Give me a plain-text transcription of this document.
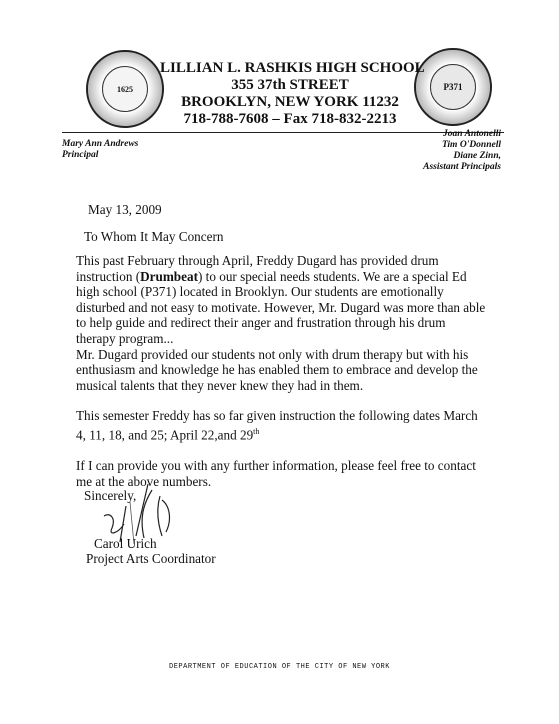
1625	P371
LILLIAN L. RASHKIS HIGH SCHOOL
355 37th STREET
BROOKLYN, NEW YORK 11232
718-788-7608 – Fax 718-832-2213
Mary Ann Andrews
Principal
Joan Antonelli
Tim O'Donnell
Diane Zinn,
Assistant Principals
May 13, 2009
To Whom It May Concern

This past February through April, Freddy Dugard has provided drum instruction (Drumbeat) to our special needs students. We are a special Ed high school (P371) located in Brooklyn. Our students are emotionally disturbed and not easy to motivate. However, Mr. Dugard was more than able to help guide and redirect their anger and frustration through his drum therapy program...

Mr. Dugard provided our students not only with drum therapy but with his enthusiasm and knowledge he has enabled them to embrace and develop the musical talents that they never knew they had in them.

This semester Freddy has so far given instruction the following dates March 4, 11, 18, and 25; April 22,and 29th

If I can provide you with any further information, please feel free to contact me at the above numbers.

Sincerely,
Carol Urich
Project Arts Coordinator
DEPARTMENT OF EDUCATION OF THE CITY OF NEW YORK
